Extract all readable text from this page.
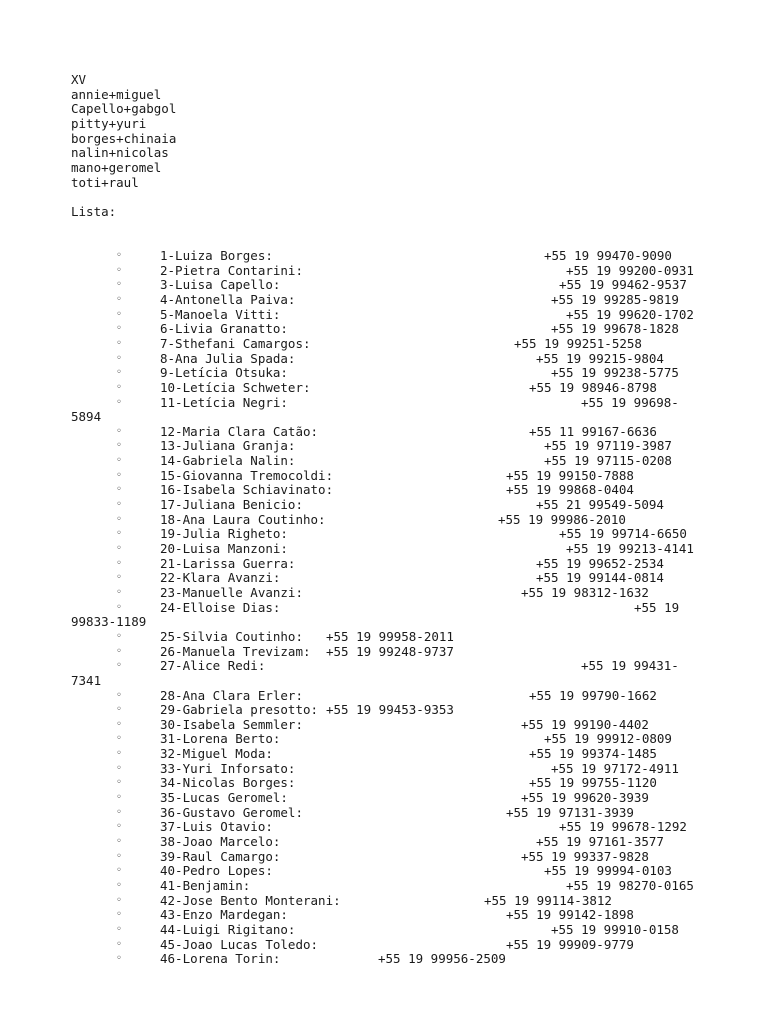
XV
annie+miguel
Capello+gabgol
pitty+yuri
borges+chinaia
nalin+nicolas
mano+geromel
toti+raul
Lista:
◦	1-Luiza Borges:	+55 19 99470-9090
◦	2-Pietra Contarini:	+55 19 99200-0931
◦	3-Luisa Capello:	+55 19 99462-9537
◦	4-Antonella Paiva:	+55 19 99285-9819
◦	5-Manoela Vitti:	+55 19 99620-1702
◦	6-Livia Granatto:	+55 19 99678-1828
◦	7-Sthefani Camargos:	+55 19 99251-5258
◦	8-Ana Julia Spada:	+55 19 99215-9804
◦	9-Letícia Otsuka:	+55 19 99238-5775
◦	10-Letícia Schweter:	+55 19 98946-8798
◦	11-Letícia Negri:	+55 19 99698-
5894
◦	12-Maria Clara Catão:	+55 11 99167-6636
◦	13-Juliana Granja:	+55 19 97119-3987
◦	14-Gabriela Nalin:	+55 19 97115-0208
◦	15-Giovanna Tremocoldi:	+55 19 99150-7888
◦	16-Isabela Schiavinato:	+55 19 99868-0404
◦	17-Juliana Benicio:	+55 21 99549-5094
◦	18-Ana Laura Coutinho:	+55 19 99986-2010
◦	19-Julia Righeto:	+55 19 99714-6650
◦	20-Luisa Manzoni:	+55 19 99213-4141
◦	21-Larissa Guerra:	+55 19 99652-2534
◦	22-Klara Avanzi:	+55 19 99144-0814
◦	23-Manuelle Avanzi:	+55 19 98312-1632
◦	24-Elloise Dias:	+55 19
99833-1189
◦	25-Silvia Coutinho: +55 19 99958-2011
◦	26-Manuela Trevizam: +55 19 99248-9737
◦	27-Alice Redi:	+55 19 99431-
7341
◦	28-Ana Clara Erler:	+55 19 99790-1662
◦	29-Gabriela presotto: +55 19 99453-9353
◦	30-Isabela Semmler:	+55 19 99190-4402
◦	31-Lorena Berto:	+55 19 99912-0809
◦	32-Miguel Moda:	+55 19 99374-1485
◦	33-Yuri Inforsato:	+55 19 97172-4911
◦	34-Nicolas Borges:	+55 19 99755-1120
◦	35-Lucas Geromel:	+55 19 99620-3939
◦	36-Gustavo Geromel:	+55 19 97131-3939
◦	37-Luis Otavio:	+55 19 99678-1292
◦	38-Joao Marcelo:	+55 19 97161-3577
◦	39-Raul Camargo:	+55 19 99337-9828
◦	40-Pedro Lopes:	+55 19 99994-0103
◦	41-Benjamin:	+55 19 98270-0165
◦	42-Jose Bento Monterani:	+55 19 99114-3812
◦	43-Enzo Mardegan:	+55 19 99142-1898
◦	44-Luigi Rigitano:	+55 19 99910-0158
◦	45-Joao Lucas Toledo:	+55 19 99909-9779
◦	46-Lorena Torin:	+55 19 99956-2509
